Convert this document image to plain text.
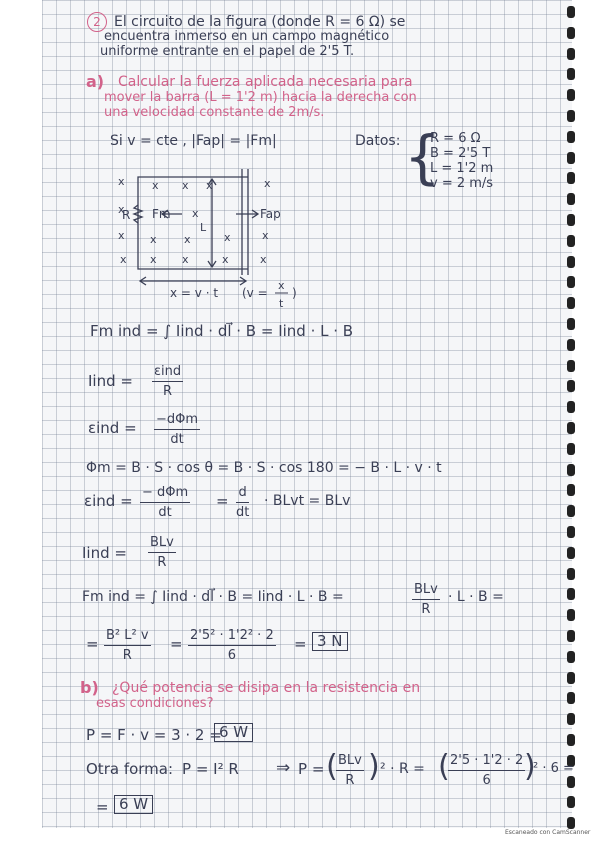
2 El circuito de la figura (donde R = 6 Ω) se
encuentra inmerso en un campo magnético
uniforme entrante en el papel de 2'5 T.
a) Calcular la fuerza aplicada necesaria para
mover la barra (L = 1'2 m) hacia la derecha con
una velocidad constante de 2m/s.
Si v = cte , |Fap| = |Fm|	Datos: {
R = 6 Ω
B = 2'5 T
L = 1'2 m
v = 2 m/s
x x x x	x
x	x
x x x	x	x
x x x	x	x
R Fm	Fap
L
x = v · t (v =
x
t
)
Fm ind = ∫ Iind · dl⃗ · B = Iind · L · B
Iind =
εind
R
εind = −dΦm
dt
Φm = B · S · cos θ = B · S · cos 180 = − B · L · v · t
εind = − dΦm
dt
= d
dt
· BLvt = BLv
Iind =
BLv
R
Fm ind = ∫ Iind · dl⃗ · B = Iind · L · B =	BLv
R
· L · B =
= B² L² v
R
= 2'5² · 1'2² · 2
6
= 3 N
b) ¿Qué potencia se disipa en la resistencia en
esas condiciones?
P = F · v = 3 · 2 =
6 W
Otra forma: P = I² R ⇒ P = ( BLv
R ) ² · R = ( 2'5 · 1'2 · 2
6	)
² · 6 =
= 6 W
Escaneado con CamScanner
